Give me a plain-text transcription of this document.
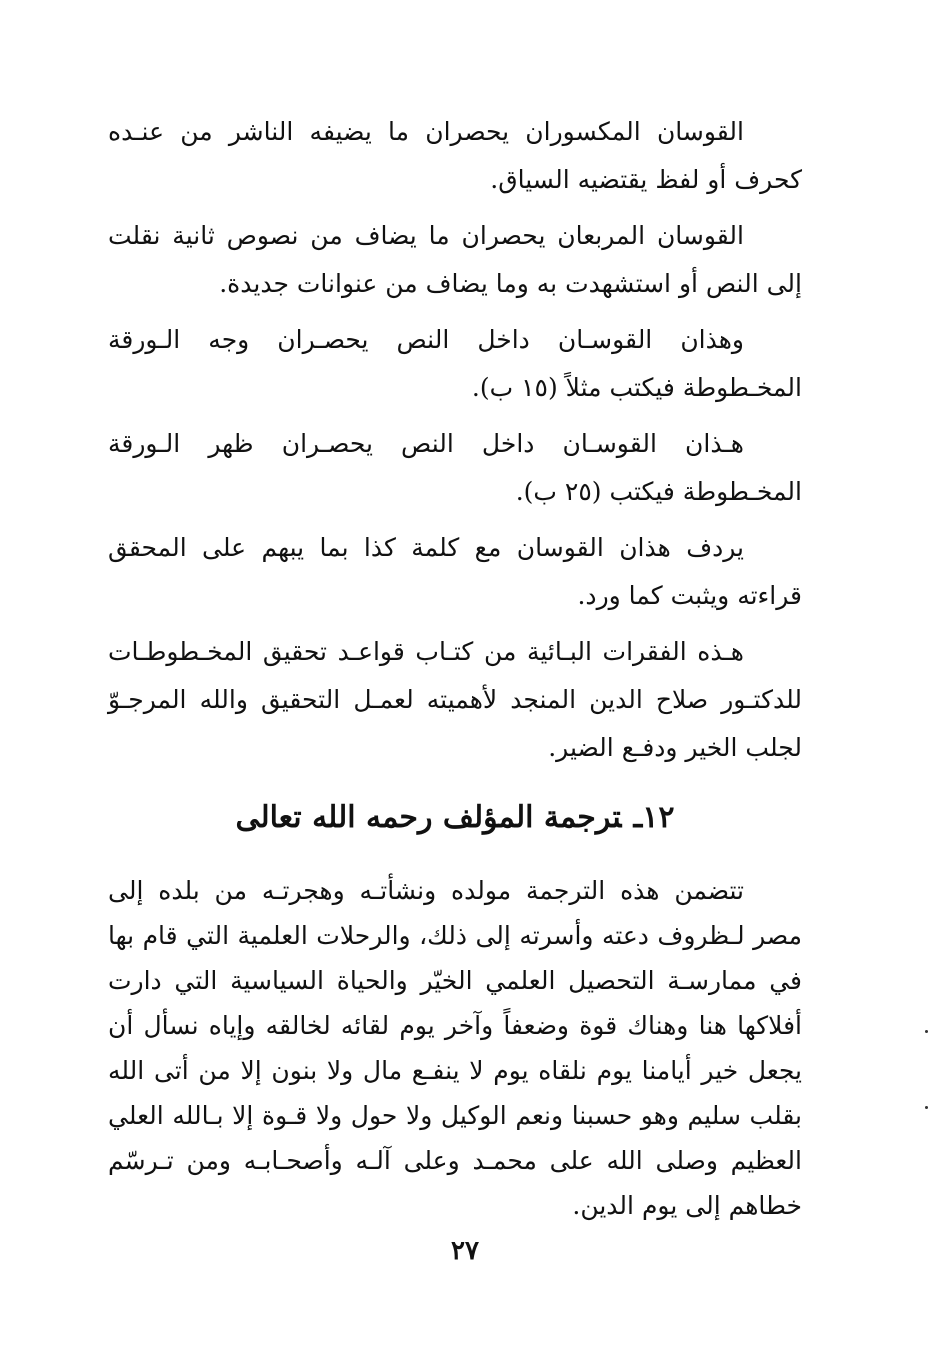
القوسان المكسوران يحصران ما يضيفه الناشر من عنـده كحرف أو لفظ يقتضيه السياق.

القوسان المربعان يحصران ما يضاف من نصوص ثانية نقلت إلى النص أو استشهدت به وما يضاف من عنوانات جديدة.

وهذان القوسـان داخل النص يحصـران وجه الـورقة المخـطوطة فيكتب مثلاً (١٥ ب).

هـذان القوسـان داخل النص يحصـران ظهر الـورقة المخـطوطة فيكتب (٢٥ ب).

يردف هذان القوسان مع كلمة كذا بما يبهم على المحقق قراءته ويثبت كما ورد.

هـذه الفقرات البـائية من كتـاب قواعـد تحقيق المخـطوطـات للدكتـور صلاح الدين المنجد لأهميته لعمـل التحقيق والله المرجـوّ لجلب الخير ودفـع الضير.

١٢ـترجمة المؤلف رحمه الله تعالى

تتضمن هذه الترجمة مولده ونشأتـه وهجرتـه من بلده إلى مصر لـظروف دعته وأسرته إلى ذلك، والرحلات العلمية التي قام بها في ممارسـة التحصيل العلمي الخيّر والحياة السياسية التي دارت أفلاكها هنا وهناك قوة وضعفاً وآخر يوم لقائه لخالقه وإياه نسأل أن يجعل خير أيامنا يوم نلقاه يوم لا ينفـع مال ولا بنون إلا من أتى الله بقلب سليم وهو حسبنا ونعم الوكيل ولا حول ولا قـوة إلا بـالله العلي العظيم وصلى الله على محمـد وعلى آلـه وأصحـابـه ومن تـرسّم خطاهم إلى يوم الدين.

٢٧
